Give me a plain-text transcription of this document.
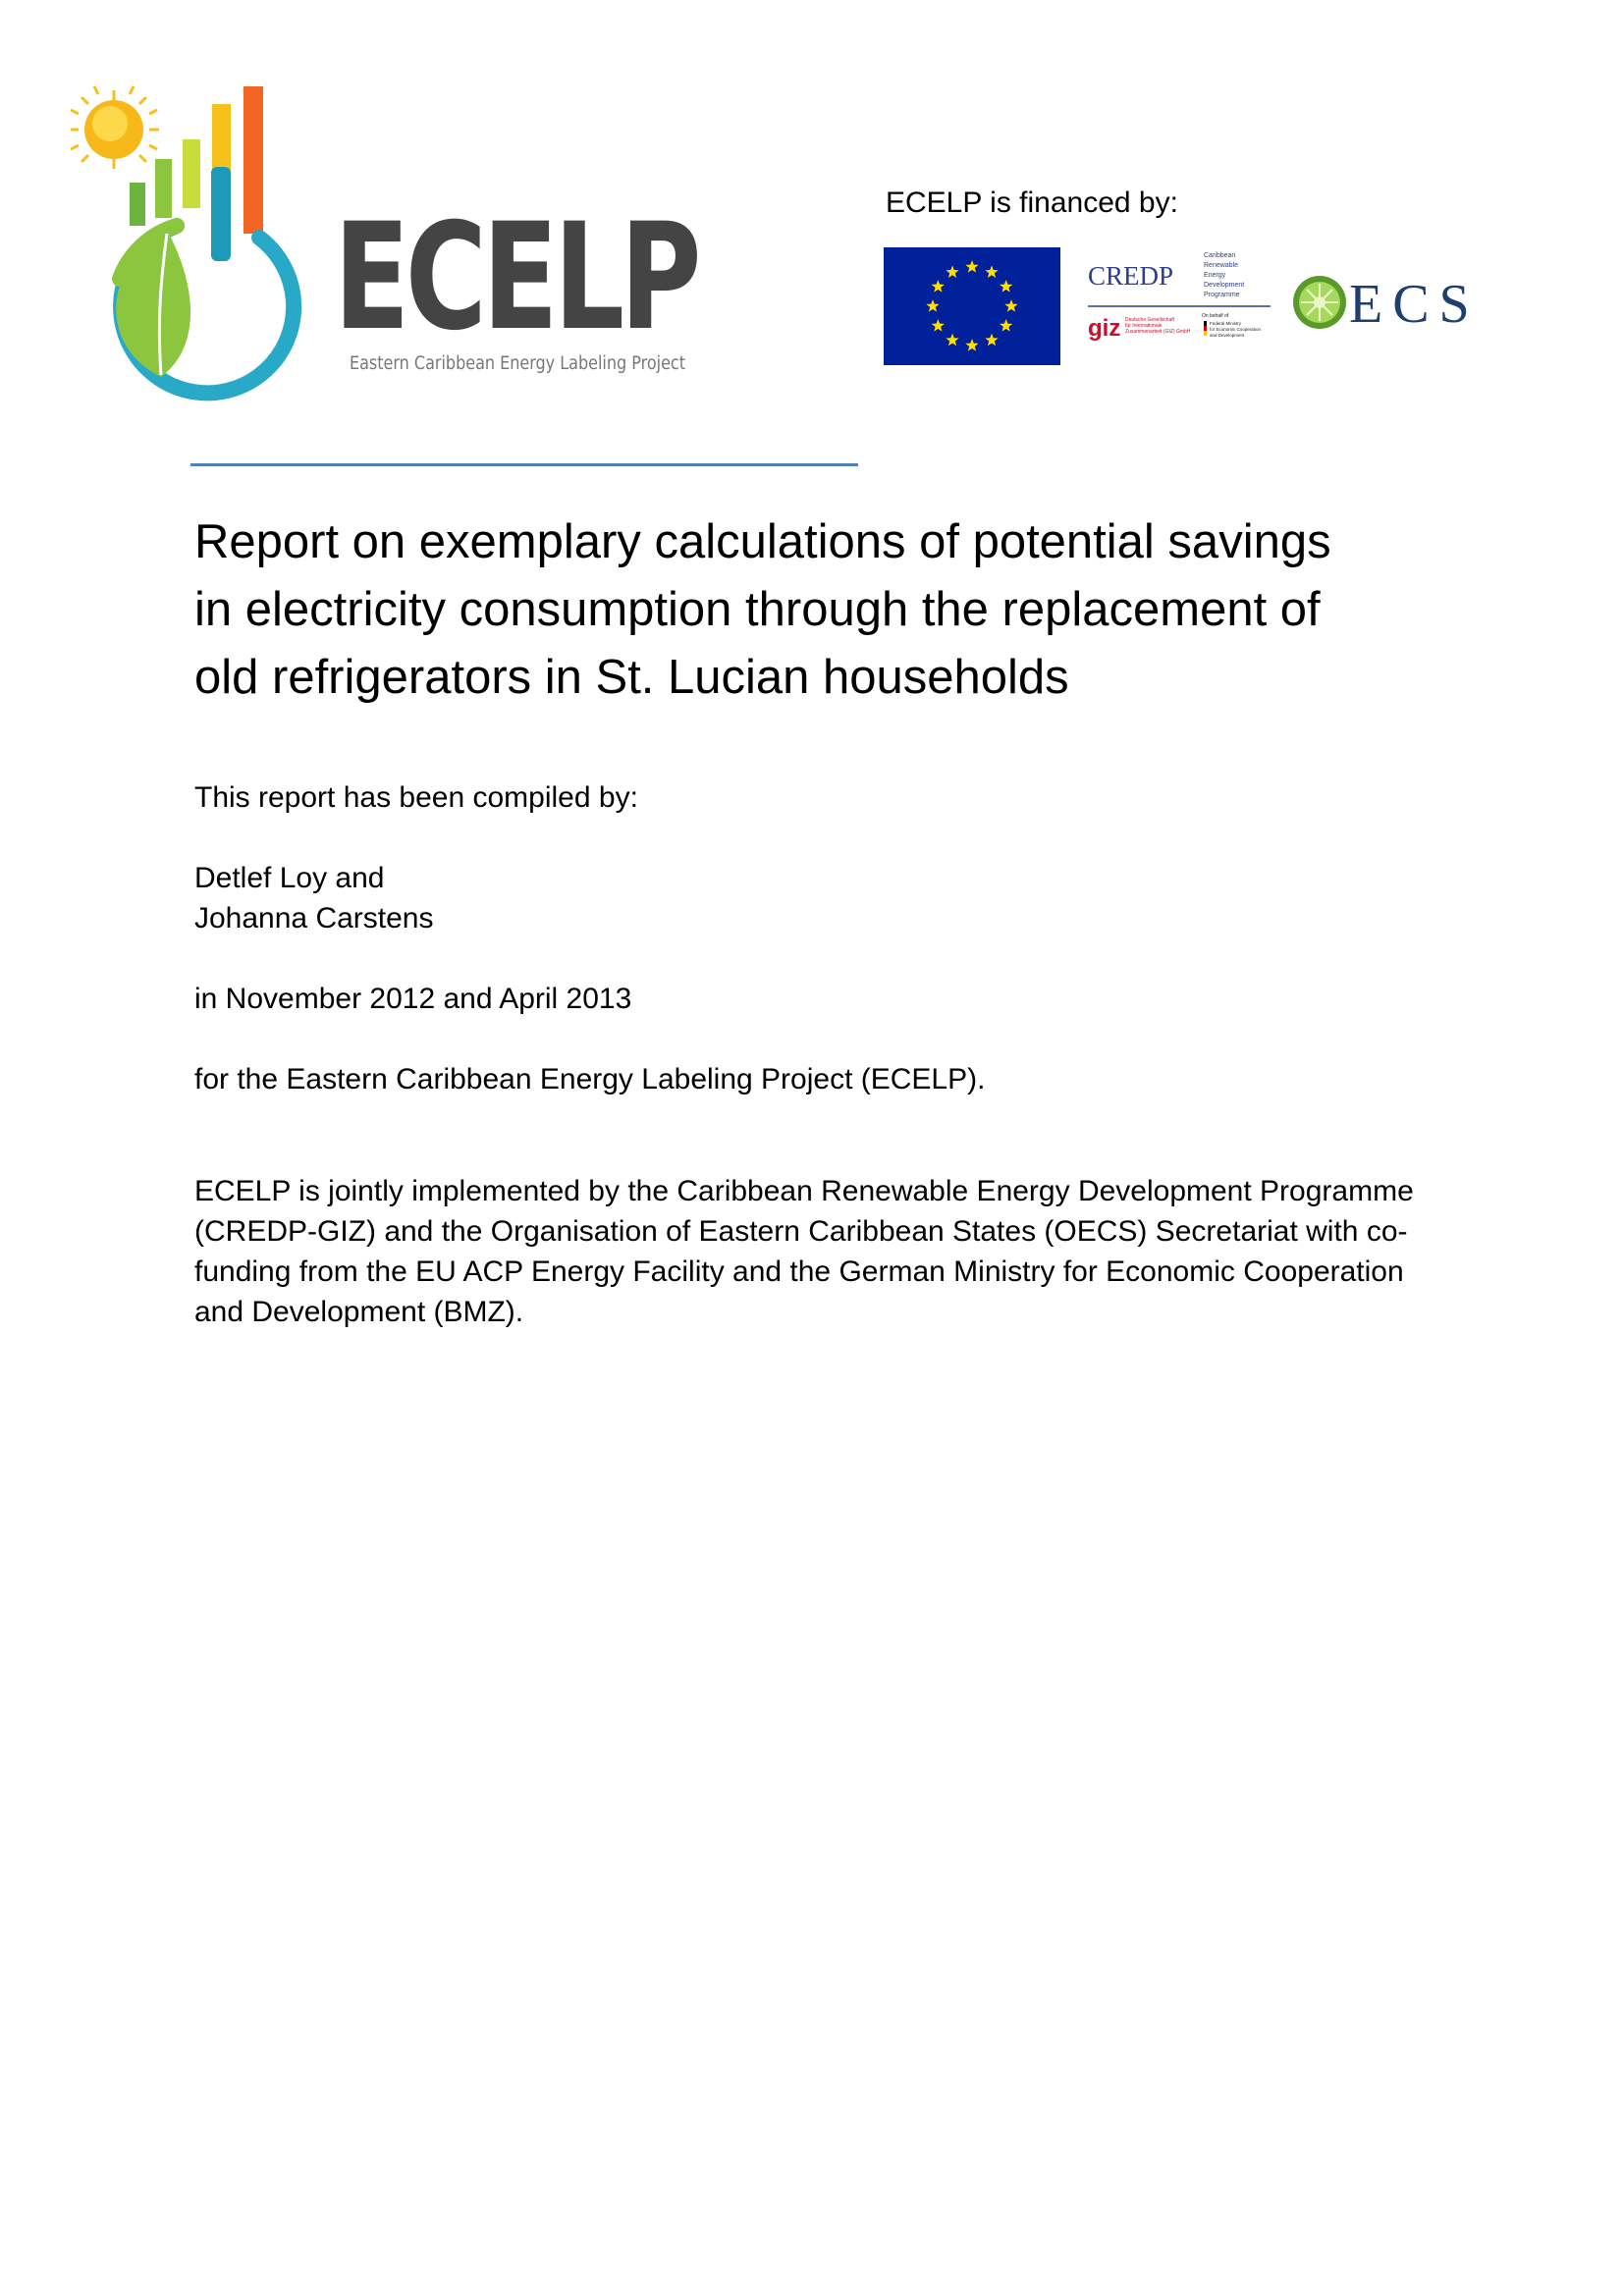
ECELP
Eastern Caribbean Energy Labeling Project
ECELP is financed by:
CREDP
Caribbean
Renewable
Energy
Development
Programme
giz Deutsche Gesellschaft
für Internationale
Zusammenarbeit (GIZ) GmbH
On behalf of
Federal Ministry
for Economic Cooperation
and Development
ECS
Report on exemplary calculations of potential savings
in electricity consumption through the replacement of
old refrigerators in St. Lucian households

This report has been compiled by:

Detlef Loy and

Johanna Carstens

in November 2012 and April 2013

for the Eastern Caribbean Energy Labeling Project (ECELP).

ECELP is jointly implemented by the Caribbean Renewable Energy Development Programme
(CREDP-GIZ) and the Organisation of Eastern Caribbean States (OECS) Secretariat with co-
funding from the EU ACP Energy Facility and the German Ministry for Economic Cooperation
and Development (BMZ).
